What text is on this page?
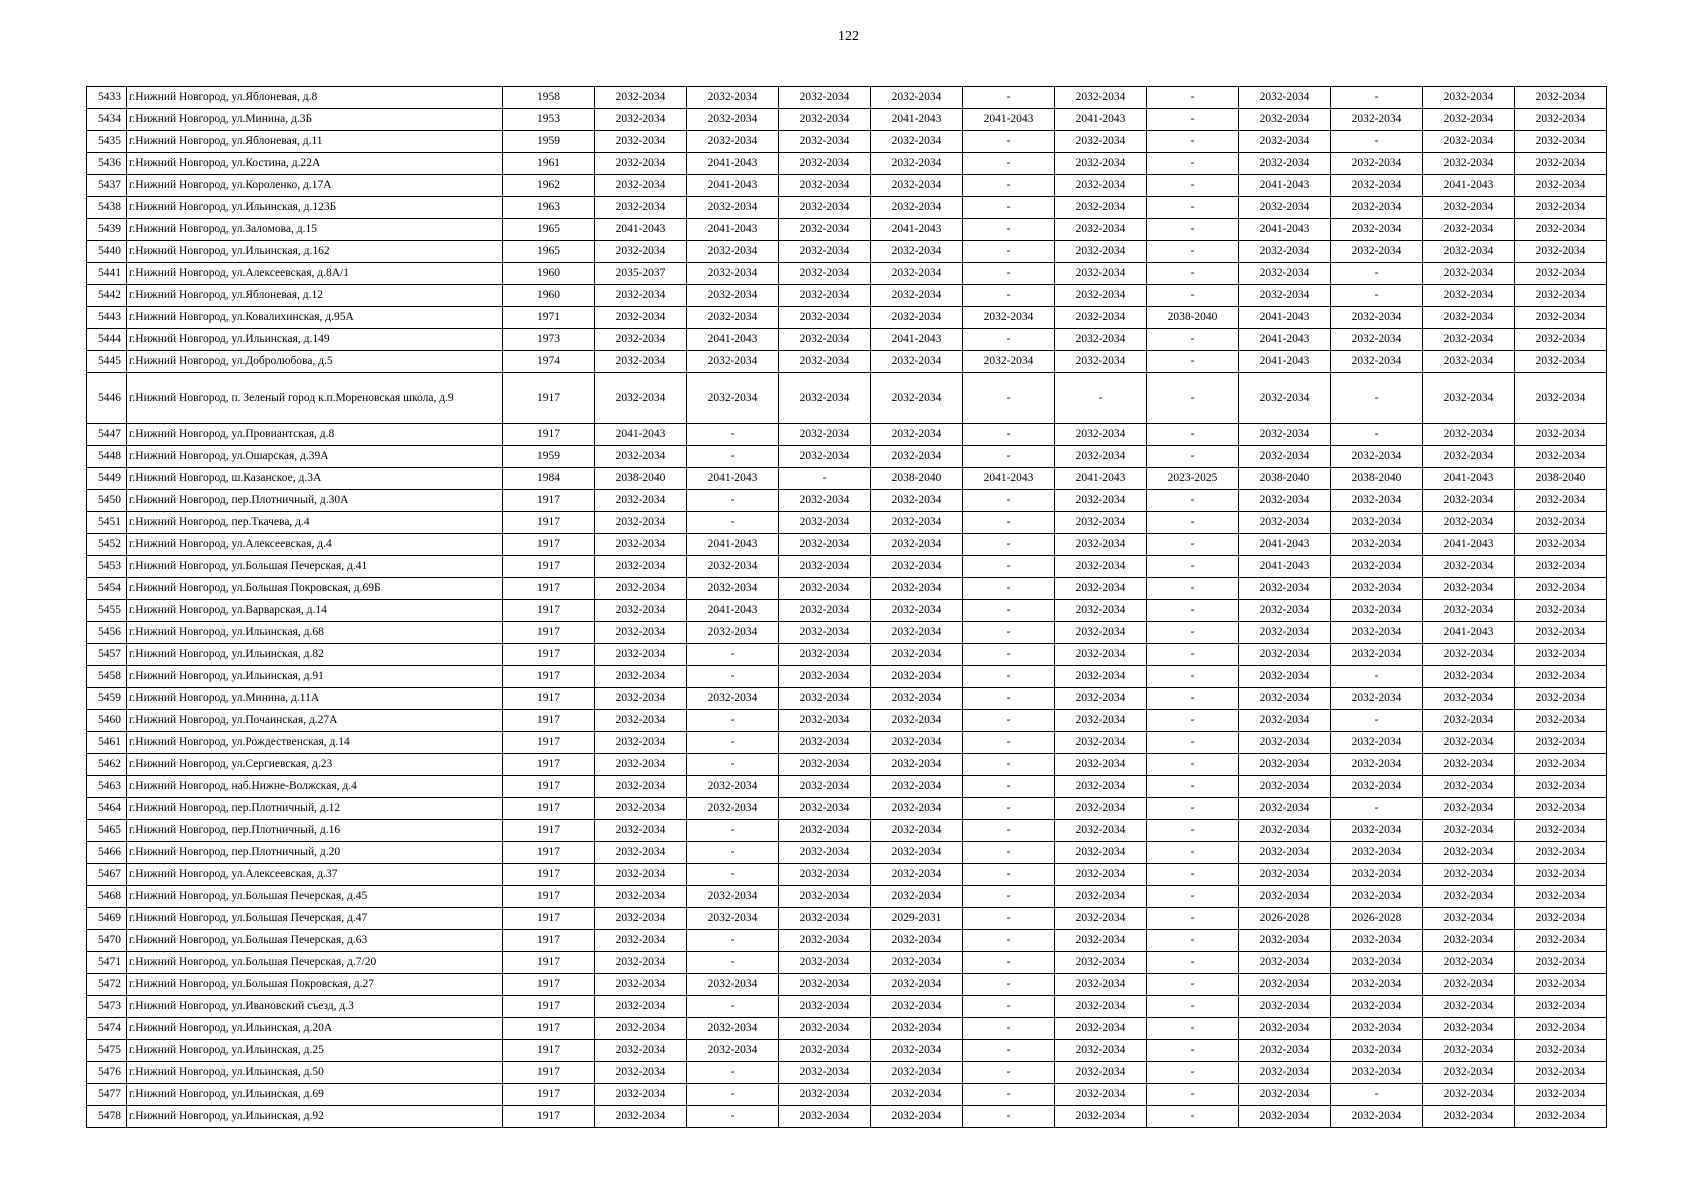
122
5433	г.Нижний Новгород, ул.Яблоневая, д.8	1958	2032-2034	2032-2034	2032-2034	2032-2034	-	2032-2034	-	2032-2034	-	2032-2034	2032-2034
5434	г.Нижний Новгород, ул.Минина, д.3Б	1953	2032-2034	2032-2034	2032-2034	2041-2043	2041-2043	2041-2043	-	2032-2034	2032-2034	2032-2034	2032-2034
5435	г.Нижний Новгород, ул.Яблоневая, д.11	1959	2032-2034	2032-2034	2032-2034	2032-2034	-	2032-2034	-	2032-2034	-	2032-2034	2032-2034
5436	г.Нижний Новгород, ул.Костина, д.22А	1961	2032-2034	2041-2043	2032-2034	2032-2034	-	2032-2034	-	2032-2034	2032-2034	2032-2034	2032-2034
5437	г.Нижний Новгород, ул.Короленко, д.17А	1962	2032-2034	2041-2043	2032-2034	2032-2034	-	2032-2034	-	2041-2043	2032-2034	2041-2043	2032-2034
5438	г.Нижний Новгород, ул.Ильинская, д.123Б	1963	2032-2034	2032-2034	2032-2034	2032-2034	-	2032-2034	-	2032-2034	2032-2034	2032-2034	2032-2034
5439	г.Нижний Новгород, ул.Заломова, д.15	1965	2041-2043	2041-2043	2032-2034	2041-2043	-	2032-2034	-	2041-2043	2032-2034	2032-2034	2032-2034
5440	г.Нижний Новгород, ул.Ильинская, д.162	1965	2032-2034	2032-2034	2032-2034	2032-2034	-	2032-2034	-	2032-2034	2032-2034	2032-2034	2032-2034
5441	г.Нижний Новгород, ул.Алексеевская, д.8А/1	1960	2035-2037	2032-2034	2032-2034	2032-2034	-	2032-2034	-	2032-2034	-	2032-2034	2032-2034
5442	г.Нижний Новгород, ул.Яблоневая, д.12	1960	2032-2034	2032-2034	2032-2034	2032-2034	-	2032-2034	-	2032-2034	-	2032-2034	2032-2034
5443	г.Нижний Новгород, ул.Ковалихинская, д.95А	1971	2032-2034	2032-2034	2032-2034	2032-2034	2032-2034	2032-2034	2038-2040	2041-2043	2032-2034	2032-2034	2032-2034
5444	г.Нижний Новгород, ул.Ильинская, д.149	1973	2032-2034	2041-2043	2032-2034	2041-2043	-	2032-2034	-	2041-2043	2032-2034	2032-2034	2032-2034
5445	г.Нижний Новгород, ул.Добролюбова, д.5	1974	2032-2034	2032-2034	2032-2034	2032-2034	2032-2034	2032-2034	-	2041-2043	2032-2034	2032-2034	2032-2034
5446	г.Нижний Новгород, п. Зеленый город к.п.Мореновская школа, д.9	1917	2032-2034	2032-2034	2032-2034	2032-2034	-	-	-	2032-2034	-	2032-2034	2032-2034
5447	г.Нижний Новгород, ул.Провиантская, д.8	1917	2041-2043	-	2032-2034	2032-2034	-	2032-2034	-	2032-2034	-	2032-2034	2032-2034
5448	г.Нижний Новгород, ул.Ошарская, д.39А	1959	2032-2034	-	2032-2034	2032-2034	-	2032-2034	-	2032-2034	2032-2034	2032-2034	2032-2034
5449	г.Нижний Новгород, ш.Казанское, д.3А	1984	2038-2040	2041-2043	-	2038-2040	2041-2043	2041-2043	2023-2025	2038-2040	2038-2040	2041-2043	2038-2040
5450	г.Нижний Новгород, пер.Плотничный, д.30А	1917	2032-2034	-	2032-2034	2032-2034	-	2032-2034	-	2032-2034	2032-2034	2032-2034	2032-2034
5451	г.Нижний Новгород, пер.Ткачева, д.4	1917	2032-2034	-	2032-2034	2032-2034	-	2032-2034	-	2032-2034	2032-2034	2032-2034	2032-2034
5452	г.Нижний Новгород, ул.Алексеевская, д.4	1917	2032-2034	2041-2043	2032-2034	2032-2034	-	2032-2034	-	2041-2043	2032-2034	2041-2043	2032-2034
5453	г.Нижний Новгород, ул.Большая Печерская, д.41	1917	2032-2034	2032-2034	2032-2034	2032-2034	-	2032-2034	-	2041-2043	2032-2034	2032-2034	2032-2034
5454	г.Нижний Новгород, ул.Большая Покровская, д.69Б	1917	2032-2034	2032-2034	2032-2034	2032-2034	-	2032-2034	-	2032-2034	2032-2034	2032-2034	2032-2034
5455	г.Нижний Новгород, ул.Варварская, д.14	1917	2032-2034	2041-2043	2032-2034	2032-2034	-	2032-2034	-	2032-2034	2032-2034	2032-2034	2032-2034
5456	г.Нижний Новгород, ул.Ильинская, д.68	1917	2032-2034	2032-2034	2032-2034	2032-2034	-	2032-2034	-	2032-2034	2032-2034	2041-2043	2032-2034
5457	г.Нижний Новгород, ул.Ильинская, д.82	1917	2032-2034	-	2032-2034	2032-2034	-	2032-2034	-	2032-2034	2032-2034	2032-2034	2032-2034
5458	г.Нижний Новгород, ул.Ильинская, д.91	1917	2032-2034	-	2032-2034	2032-2034	-	2032-2034	-	2032-2034	-	2032-2034	2032-2034
5459	г.Нижний Новгород, ул.Минина, д.11А	1917	2032-2034	2032-2034	2032-2034	2032-2034	-	2032-2034	-	2032-2034	2032-2034	2032-2034	2032-2034
5460	г.Нижний Новгород, ул.Почаинская, д.27А	1917	2032-2034	-	2032-2034	2032-2034	-	2032-2034	-	2032-2034	-	2032-2034	2032-2034
5461	г.Нижний Новгород, ул.Рождественская, д.14	1917	2032-2034	-	2032-2034	2032-2034	-	2032-2034	-	2032-2034	2032-2034	2032-2034	2032-2034
5462	г.Нижний Новгород, ул.Сергиевская, д.23	1917	2032-2034	-	2032-2034	2032-2034	-	2032-2034	-	2032-2034	2032-2034	2032-2034	2032-2034
5463	г.Нижний Новгород, наб.Нижне-Волжская, д.4	1917	2032-2034	2032-2034	2032-2034	2032-2034	-	2032-2034	-	2032-2034	2032-2034	2032-2034	2032-2034
5464	г.Нижний Новгород, пер.Плотничный, д.12	1917	2032-2034	2032-2034	2032-2034	2032-2034	-	2032-2034	-	2032-2034	-	2032-2034	2032-2034
5465	г.Нижний Новгород, пер.Плотничный, д.16	1917	2032-2034	-	2032-2034	2032-2034	-	2032-2034	-	2032-2034	2032-2034	2032-2034	2032-2034
5466	г.Нижний Новгород, пер.Плотничный, д.20	1917	2032-2034	-	2032-2034	2032-2034	-	2032-2034	-	2032-2034	2032-2034	2032-2034	2032-2034
5467	г.Нижний Новгород, ул.Алексеевская, д.37	1917	2032-2034	-	2032-2034	2032-2034	-	2032-2034	-	2032-2034	2032-2034	2032-2034	2032-2034
5468	г.Нижний Новгород, ул.Большая Печерская, д.45	1917	2032-2034	2032-2034	2032-2034	2032-2034	-	2032-2034	-	2032-2034	2032-2034	2032-2034	2032-2034
5469	г.Нижний Новгород, ул.Большая Печерская, д.47	1917	2032-2034	2032-2034	2032-2034	2029-2031	-	2032-2034	-	2026-2028	2026-2028	2032-2034	2032-2034
5470	г.Нижний Новгород, ул.Большая Печерская, д.63	1917	2032-2034	-	2032-2034	2032-2034	-	2032-2034	-	2032-2034	2032-2034	2032-2034	2032-2034
5471	г.Нижний Новгород, ул.Большая Печерская, д.7/20	1917	2032-2034	-	2032-2034	2032-2034	-	2032-2034	-	2032-2034	2032-2034	2032-2034	2032-2034
5472	г.Нижний Новгород, ул.Большая Покровская, д.27	1917	2032-2034	2032-2034	2032-2034	2032-2034	-	2032-2034	-	2032-2034	2032-2034	2032-2034	2032-2034
5473	г.Нижний Новгород, ул.Ивановский съезд, д.3	1917	2032-2034	-	2032-2034	2032-2034	-	2032-2034	-	2032-2034	2032-2034	2032-2034	2032-2034
5474	г.Нижний Новгород, ул.Ильинская, д.20А	1917	2032-2034	2032-2034	2032-2034	2032-2034	-	2032-2034	-	2032-2034	2032-2034	2032-2034	2032-2034
5475	г.Нижний Новгород, ул.Ильинская, д.25	1917	2032-2034	2032-2034	2032-2034	2032-2034	-	2032-2034	-	2032-2034	2032-2034	2032-2034	2032-2034
5476	г.Нижний Новгород, ул.Ильинская, д.50	1917	2032-2034	-	2032-2034	2032-2034	-	2032-2034	-	2032-2034	2032-2034	2032-2034	2032-2034
5477	г.Нижний Новгород, ул.Ильинская, д.69	1917	2032-2034	-	2032-2034	2032-2034	-	2032-2034	-	2032-2034	-	2032-2034	2032-2034
5478	г.Нижний Новгород, ул.Ильинская, д.92	1917	2032-2034	-	2032-2034	2032-2034	-	2032-2034	-	2032-2034	2032-2034	2032-2034	2032-2034
